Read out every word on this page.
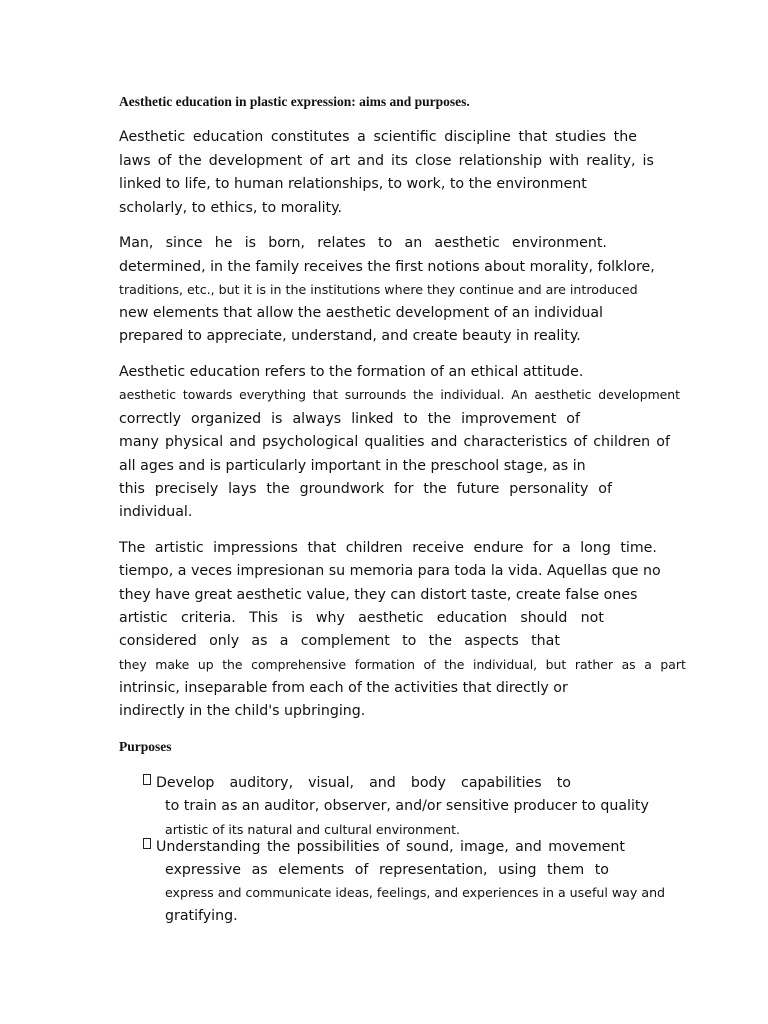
Aesthetic education in plastic expression: aims and purposes.

Aesthetic education constitutes a scientific discipline that studies the

laws of the development of art and its close relationship with reality, is

linked to life, to human relationships, to work, to the environment

scholarly, to ethics, to morality.

Man, since he is born, relates to an aesthetic environment.

determined, in the family receives the first notions about morality, folklore,

traditions, etc., but it is in the institutions where they continue and are introduced

new elements that allow the aesthetic development of an individual

prepared to appreciate, understand, and create beauty in reality.

Aesthetic education refers to the formation of an ethical attitude.

aesthetic towards everything that surrounds the individual. An aesthetic development

correctly organized is always linked to the improvement of

many physical and psychological qualities and characteristics of children of

all ages and is particularly important in the preschool stage, as in

this precisely lays the groundwork for the future personality of

individual.

The artistic impressions that children receive endure for a long time.

tiempo, a veces impresionan su memoria para toda la vida. Aquellas que no

they have great aesthetic value, they can distort taste, create false ones

artistic criteria. This is why aesthetic education should not

considered only as a complement to the aspects that

they make up the comprehensive formation of the individual, but rather as a part

intrinsic, inseparable from each of the activities that directly or

indirectly in the child's upbringing.

Purposes

Develop auditory, visual, and body capabilities to

to train as an auditor, observer, and/or sensitive producer to quality

artistic of its natural and cultural environment.

Understanding the possibilities of sound, image, and movement

expressive as elements of representation, using them to

express and communicate ideas, feelings, and experiences in a useful way and

gratifying.
